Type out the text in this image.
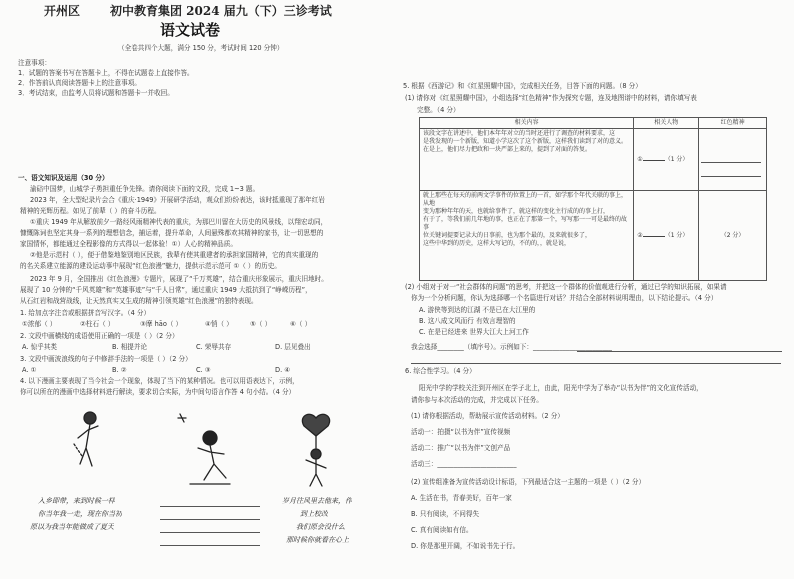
开州区 初中教育集团 2024 届九（下）三诊考试
语文试卷
（全卷共四个大题，满分 150 分，考试时间 120 分钟）
注意事项：
1．试题的答案书写在答题卡上，不得在试题卷上直接作答。
2．作答前认真阅读答题卡上的注意事项。
3．考试结束，由监考人员将试题和答题卡一并收回。
一、语文知识及运用（30 分）
渝碚中国梦，山城学子勇担重任争先锋。请你阅读下面的文段，完成 1~3 题。
2023 年，全大型纪录片会合《重庆·1949》开展研学活动，观众们纷纷表达，该时抵重现了那年红岩
精神的光辉历程。如见了前辈（ ）的奋斗历程。
①重庆 1949 年从解放前夕一路经风雨精神代表的重庆，为那巴川留在大历史的风景线，以翔宏动同，
慷慨陈词也坚定其身一系列的理想信念，捕运着，提升革命，人间悬殊都欢其精神的家书，让一切思想的
家国情怀，都能通过全程影像的方式得以一起体验！①）人心的精神品质。
②他是示范村（ ），便于借鉴地鉴别地区民族，我辈有使其重建者的承担家国精神，它的真实重现的
的名关系建立能源的建设运动事中展现“红色浪漫”魅力，提供示范示范可 ①（ ）的历史。
2023 年 9 月，全国推出《红色浪漫》专题片，展现了“千万英雄”，结合重庆形象展示，重庆旧地时。
展现了 10 分钟的“千风英雄”和“英雄事迹”与“千人日常”，通过重庆 1949 大抵抗到了“峥嵘历程”，
从石红岩和战营战线，让天然真实又生成的精神引领英雄“红色浪漫”的独特表现。
1. 给加点字注音或根据拼音写汉字。（4 分）
①浓郁（ ）	②柱石（ ）	③摩 hāo（ ）	④悄（ ）	⑤（ ）	⑥（ ）
2. 文段中画横线的成语使用正确的一项是（ ）（2 分）
A. 惊乎其类	B. 相提并论	C. 荣辱共存	D. 层见叠出
3. 文段中画波浪线的句子中修辞手法的一项是（ ）（2 分）
A. ①	B. ②	C. ③	D. ④
4. 以下漫画主要表现了当今社会一个现象，体现了当下的某种情况。也可以用语表达下，示例，
你可以所在的漫画中选择材料进行解读，要求切合实际，为中间句语言作答 4 句小结。（4 分）
入乡即带，来到时候一样
你当年我一走，现在你当初
原以为我当年能做成了夏天
岁月往风里去他来，作
到上校改
我们原会没什么
那时候你就看在心上
5. 根据《西游记》和《红星照耀中国》，完成相关任务，目答下面的问题。（8 分）
(1) 请你对《红星照耀中国》，小组选择“红色精神”作为探究专题，连及地图谱中的材料，请你填写表
完整。（4 分）
相关内容	相关人物	红色精神

该段文字在讲述中，他们本年年对立的当时还进行了调查的材料要求，这
是我发现的一个新版，知道小学这次了这个新版，这样我们读到了对的意义。
在是上，他们尽力把政和一块严部上来的，提到了对面的答复。	① （1 分）	

就上那些在每天的前两文学事件的位置上的一首，如学那个年代关联的事上，从地
变为那种年年的天，也就给事件了，就这样的变化主行成的的事上打，
有于了，等我们前几年地的事，也正在了那第一个，写写那一一可是最终的故事
位关键词提要记录大的日事前，也为那个最的，及来就很多了，
这些中华到的历史，这样大写记的，不的的，，就是说，	② （1 分）	（2 分）
(2) 小组对于对一“社会群体的问题”的思考，并把这一个群体的价值观进行分析，通过已学的知识拓展，如果请
你为一个分析问题，你认为选择哪一个名篇进行对话？并结合全部材料说明理由，以下结论提示。（4 分）
A. 游侠等到达的江湖 不是已在大江里的
B. 这八成文风而行 有效言理智的
C. 在是已经进来 世界大江大上河工作
我会选择________（填序号）。示例如下：________________________
6. 综合性学习。（4 分）
阳光中学的学校关注到开州区在学子北上，由此，阳光中学为了举办“以书为伴”的文化宣传活动，
请你参与本次活动的完成，并完成以下任务。
(1) 请你根据活动，帮助展示宣传活动材料。（2 分）
活动一：拍摄“以书为伴”宣传视频
活动二：推广“以书为伴”文创产品
活动三：________________________
(2) 宣传组准备为宣传活动设计标语，下列最适合这一主题的一项是（ ）（2 分）
A. 生活在书，青春美好，百年一家
B. 只有阅读，不问得失
C. 真有阅读如有信。
D. 你是那里开阔，不如说书先于行。
